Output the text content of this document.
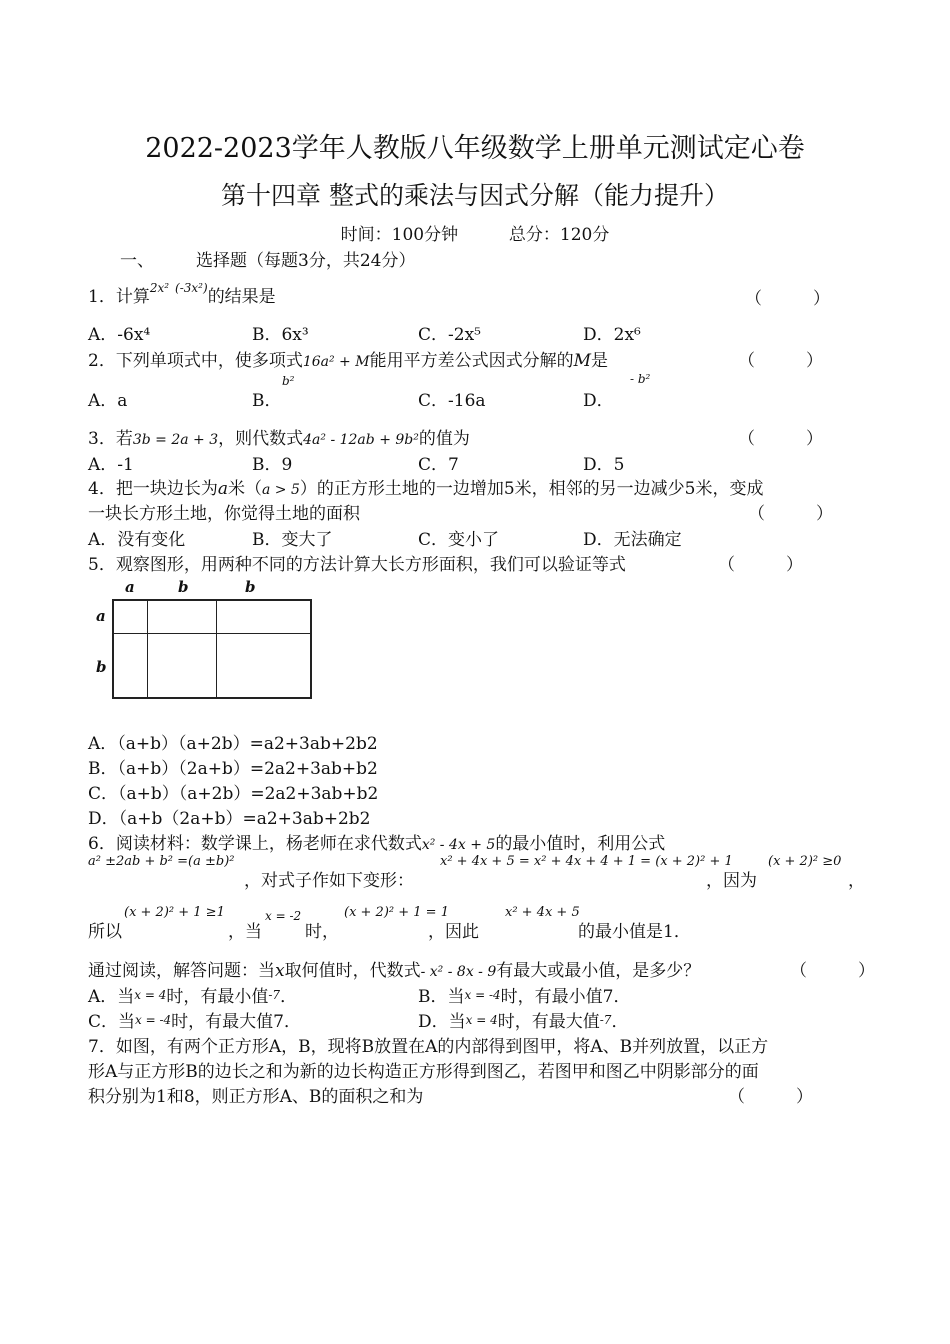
2022-2023学年人教版八年级数学上册单元测试定心卷
第十四章 整式的乘法与因式分解（能力提升）
时间：100分钟	总分：120分
一、 选择题（每题3分，共24分）
1．计算$^{2x^2}$ $^{(-3x^2)}$的结果是	（　　　）
A．-6x⁴	B．6x³	C．-2x⁵	D．2x⁶
2．下列单项式中，使多项式16a² + M能用平方差公式因式分解的M是	（　　　）
A．a	B．
b²
C．-16a	D．
- b²
3．若3b = 2a + 3，则代数式4a² - 12ab + 9b²的值为	（　　　）
A．-1	B．9	C．7	D．5
4．把一块边长为a米（a > 5）的正方形土地的一边增加5米，相邻的另一边减少5米，变成
一块长方形土地，你觉得土地的面积	（　　　）
A．没有变化	B．变大了	C．变小了	D．无法确定
5．观察图形，用两种不同的方法计算大长方形面积，我们可以验证等式	（　　　）
a	b	b
a
b
A．（a+b）（a+2b）=a2+3ab+2b2
B．（a+b）（2a+b）=2a2+3ab+b2
C．（a+b）（a+2b）=2a2+3ab+b2
D．（a+b（2a+b）=a2+3ab+2b2
6．阅读材料：数学课上，杨老师在求代数式x² - 4x + 5的最小值时，利用公式
a² ±2ab + b² =(a ±b)²
，对式子作如下变形：
x² + 4x + 5 = x² + 4x + 4 + 1 = (x + 2)² + 1
，因为
(x + 2)² ≥0
，
所以
(x + 2)² + 1 ≥1
，当
x = -2
时，
(x + 2)² + 1 = 1
，因此
x² + 4x + 5
的最小值是1．
通过阅读，解答问题：当x取何值时，代数式- x² - 8x - 9有最大或最小值，是多少？	（　　　）
A．当x = 4时，有最小值-7．	B．当x = -4时，有最小值7．
C．当x = -4时，有最大值7．	D．当x = 4时，有最大值-7．
7．如图，有两个正方形A，B，现将B放置在A的内部得到图甲，将A、B并列放置，以正方
形A与正方形B的边长之和为新的边长构造正方形得到图乙，若图甲和图乙中阴影部分的面
积分别为1和8，则正方形A、B的面积之和为	（　　　）
